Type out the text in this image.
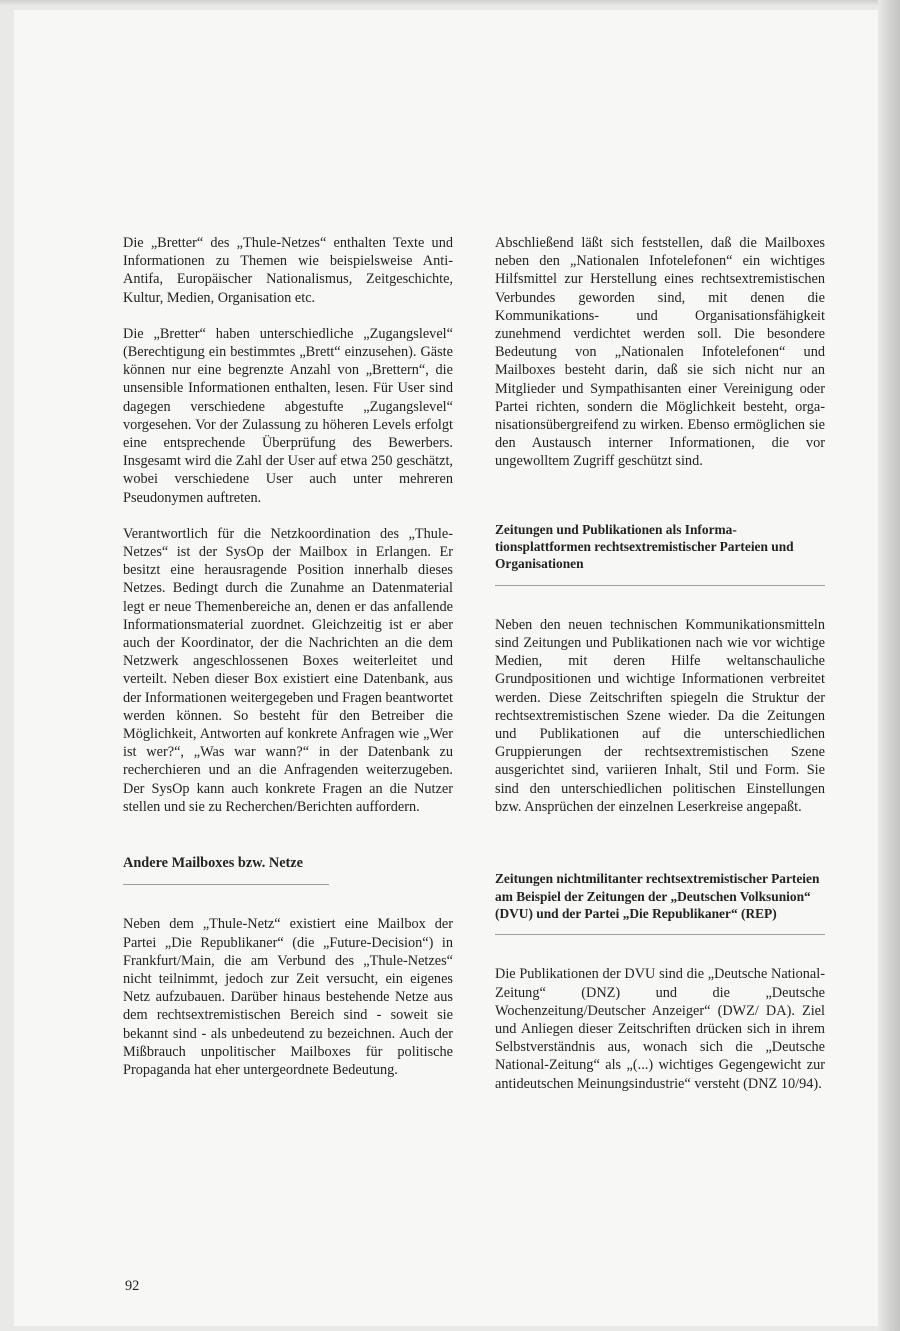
Die „Bretter“ des „Thule-Netzes“ enthalten Texte und Informationen zu Themen wie beispielsweise Anti-Antifa, Europäischer Nationalismus, Zeitgeschichte, Kultur, Medien, Organisation etc.

Die „Bretter“ haben unterschiedliche „Zugangslevel“ (Berechtigung ein bestimmtes „Brett“ einzusehen). Gäste können nur eine begrenzte Anzahl von „Brettern“, die unsensible Informationen enthalten, lesen. Für User sind dagegen verschiedene abgestufte „Zugangslevel“ vorgesehen. Vor der Zulassung zu höheren Levels erfolgt eine entsprechende Überprüfung des Bewerbers. Insgesamt wird die Zahl der User auf etwa 250 geschätzt, wobei verschiedene User auch unter mehreren Pseudonymen auftreten.

Verantwortlich für die Netzkoordination des „Thule-Netzes“ ist der SysOp der Mailbox in Erlangen. Er besitzt eine herausragende Position innerhalb dieses Netzes. Bedingt durch die Zunahme an Datenmaterial legt er neue Themenbereiche an, denen er das anfallende Informationsmaterial zuordnet. Gleichzeitig ist er aber auch der Koordinator, der die Nachrichten an die dem Netzwerk angeschlossenen Boxes weiterleitet und verteilt. Neben dieser Box existiert eine Datenbank, aus der Informationen weitergegeben und Fragen beantwortet werden können. So besteht für den Betreiber die Möglichkeit, Antworten auf konkrete Anfragen wie „Wer ist wer?“, „Was war wann?“ in der Datenbank zu recherchieren und an die Anfragenden weiterzugeben. Der SysOp kann auch konkrete Fragen an die Nutzer stellen und sie zu Recherchen/Berichten auffordern.

Andere Mailboxes bzw. Netze

Neben dem „Thule-Netz“ existiert eine Mailbox der Partei „Die Republikaner“ (die „Future-Decision“) in Frankfurt/Main, die am Verbund des „Thule-Netzes“ nicht teilnimmt, jedoch zur Zeit versucht, ein eigenes Netz aufzubauen. Darüber hinaus bestehende Netze aus dem rechtsextremistischen Bereich sind - soweit sie bekannt sind - als unbedeutend zu bezeichnen. Auch der Mißbrauch unpolitischer Mailboxes für politische Propaganda hat eher untergeordnete Bedeutung.

Abschließend läßt sich feststellen, daß die Mailboxes neben den „Nationalen Infotelefonen“ ein wichtiges Hilfsmittel zur Herstellung eines rechtsextremistischen Verbundes geworden sind, mit denen die Kommunikations- und Organisationsfähigkeit zunehmend verdichtet werden soll. Die besondere Bedeutung von „Nationalen Infotelefonen“ und Mailboxes besteht darin, daß sie sich nicht nur an Mitglieder und Sympathisanten einer Vereinigung oder Partei richten, sondern die Möglichkeit besteht, organisationsübergreifend zu wirken. Ebenso ermöglichen sie den Austausch interner Informationen, die vor ungewolltem Zugriff geschützt sind.

Zeitungen und Publikationen als Informationsplattformen rechtsextremistischer Parteien und Organisationen

Neben den neuen technischen Kommunikationsmitteln sind Zeitungen und Publikationen nach wie vor wichtige Medien, mit deren Hilfe weltanschauliche Grundpositionen und wichtige Informationen verbreitet werden. Diese Zeitschriften spiegeln die Struktur der rechtsextremistischen Szene wieder. Da die Zeitungen und Publikationen auf die unterschiedlichen Gruppierungen der rechtsextremistischen Szene ausgerichtet sind, variieren Inhalt, Stil und Form. Sie sind den unterschiedlichen politischen Einstellungen bzw. Ansprüchen der einzelnen Leserkreise angepaßt.

Zeitungen nichtmilitanter rechtsextremistischer Parteien am Beispiel der Zeitungen der „Deutschen Volksunion“ (DVU) und der Partei „Die Republikaner“ (REP)

Die Publikationen der DVU sind die „Deutsche National-Zeitung“ (DNZ) und die „Deutsche Wochenzeitung/Deutscher Anzeiger“ (DWZ/ DA). Ziel und Anliegen dieser Zeitschriften drücken sich in ihrem Selbstverständnis aus, wonach sich die „Deutsche National-Zeitung“ als „(...) wichtiges Gegengewicht zur antideutschen Meinungsindustrie“ versteht (DNZ 10/94).

92
